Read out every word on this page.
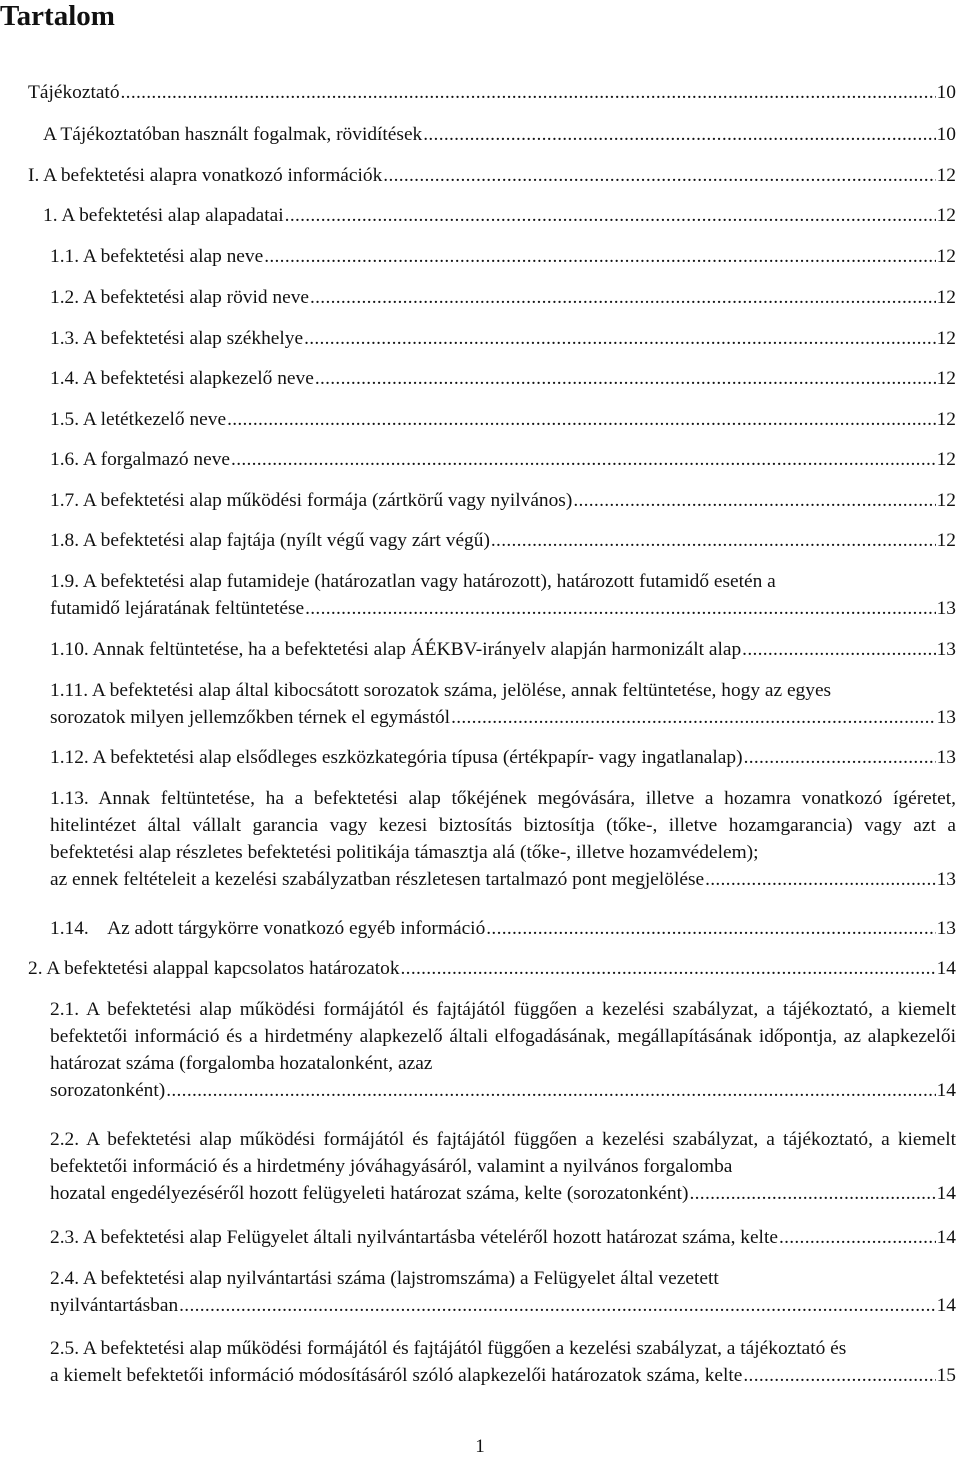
Tartalom
Tájékoztató .....	10
A Tájékoztatóban használt fogalmak, rövidítések .....	10
I. A befektetési alapra vonatkozó információk .....	12
1. A befektetési alap alapadatai .....	12
1.1. A befektetési alap neve .....	12
1.2. A befektetési alap rövid neve .....	12
1.3. A befektetési alap székhelye .....	12
1.4. A befektetési alapkezelő neve .....	12
1.5. A letétkezelő neve .....	12
1.6. A forgalmazó neve .....	12
1.7. A befektetési alap működési formája (zártkörű vagy nyilvános) .....	12
1.8. A befektetési alap fajtája (nyílt végű vagy zárt végű) .....	12
1.9. A befektetési alap futamideje (határozatlan vagy határozott), határozott futamidő esetén a
futamidő lejáratának feltüntetése .....	13
1.10. Annak feltüntetése, ha a befektetési alap ÁÉKBV-irányelv alapján harmonizált alap .....	13
1.11. A befektetési alap által kibocsátott sorozatok száma, jelölése, annak feltüntetése, hogy az egyes
sorozatok milyen jellemzőkben térnek el egymástól .....	13
1.12. A befektetési alap elsődleges eszközkategória típusa (értékpapír- vagy ingatlanalap) .....	13
1.13. Annak feltüntetése, ha a befektetési alap tőkéjének megóvására, illetve a hozamra vonatkozó ígéretet, hitelintézet által vállalt garancia vagy kezesi biztosítás biztosítja (tőke-, illetve hozamgarancia) vagy azt a befektetési alap részletes befektetési politikája támasztja alá (tőke-, illetve hozamvédelem);
az ennek feltételeit a kezelési szabályzatban részletesen tartalmazó pont megjelölése .....	13
1.14.    Az adott tárgykörre vonatkozó egyéb információ .....	13
2. A befektetési alappal kapcsolatos határozatok .....	14
2.1. A befektetési alap működési formájától és fajtájától függően a kezelési szabályzat, a tájékoztató, a kiemelt befektetői információ és a hirdetmény alapkezelő általi elfogadásának, megállapításának időpontja, az alapkezelői határozat száma (forgalomba hozatalonként, azaz
sorozatonként) .....	14
2.2. A befektetési alap működési formájától és fajtájától függően a kezelési szabályzat, a tájékoztató, a kiemelt befektetői információ és a hirdetmény jóváhagyásáról, valamint a nyilvános forgalomba
hozatal engedélyezéséről hozott felügyeleti határozat száma, kelte (sorozatonként) .....	14
2.3. A befektetési alap Felügyelet általi nyilvántartásba vételéről hozott határozat száma, kelte .....	14
2.4. A befektetési alap nyilvántartási száma (lajstromszáma) a Felügyelet által vezetett
nyilvántartásban .....	14
2.5. A befektetési alap működési formájától és fajtájától függően a kezelési szabályzat, a tájékoztató és
a kiemelt befektetői információ módosításáról szóló alapkezelői határozatok száma, kelte .....	15
1
